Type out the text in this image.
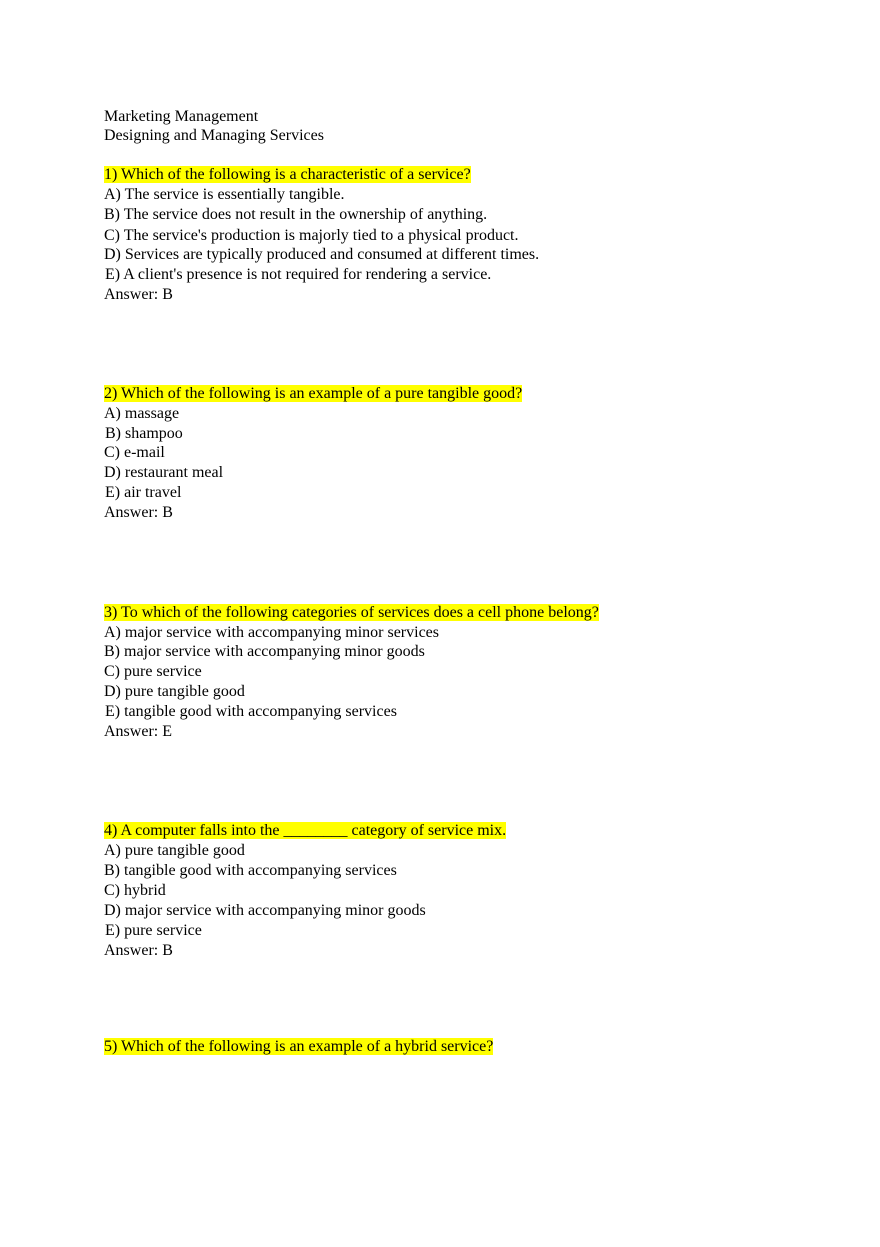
Marketing Management
Designing and Managing Services
1) Which of the following is a characteristic of a service?
A) The service is essentially tangible.
B) The service does not result in the ownership of anything.
C) The service's production is majorly tied to a physical product.
D) Services are typically produced and consumed at different times.
E) A client's presence is not required for rendering a service.
Answer: B
2) Which of the following is an example of a pure tangible good?
A) massage
B) shampoo
C) e-mail
D) restaurant meal
E) air travel
Answer: B
3) To which of the following categories of services does a cell phone belong?
A) major service with accompanying minor services
B) major service with accompanying minor goods
C) pure service
D) pure tangible good
E) tangible good with accompanying services
Answer: E
4) A computer falls into the ________ category of service mix.
A) pure tangible good
B) tangible good with accompanying services
C) hybrid
D) major service with accompanying minor goods
E) pure service
Answer: B
5) Which of the following is an example of a hybrid service?
